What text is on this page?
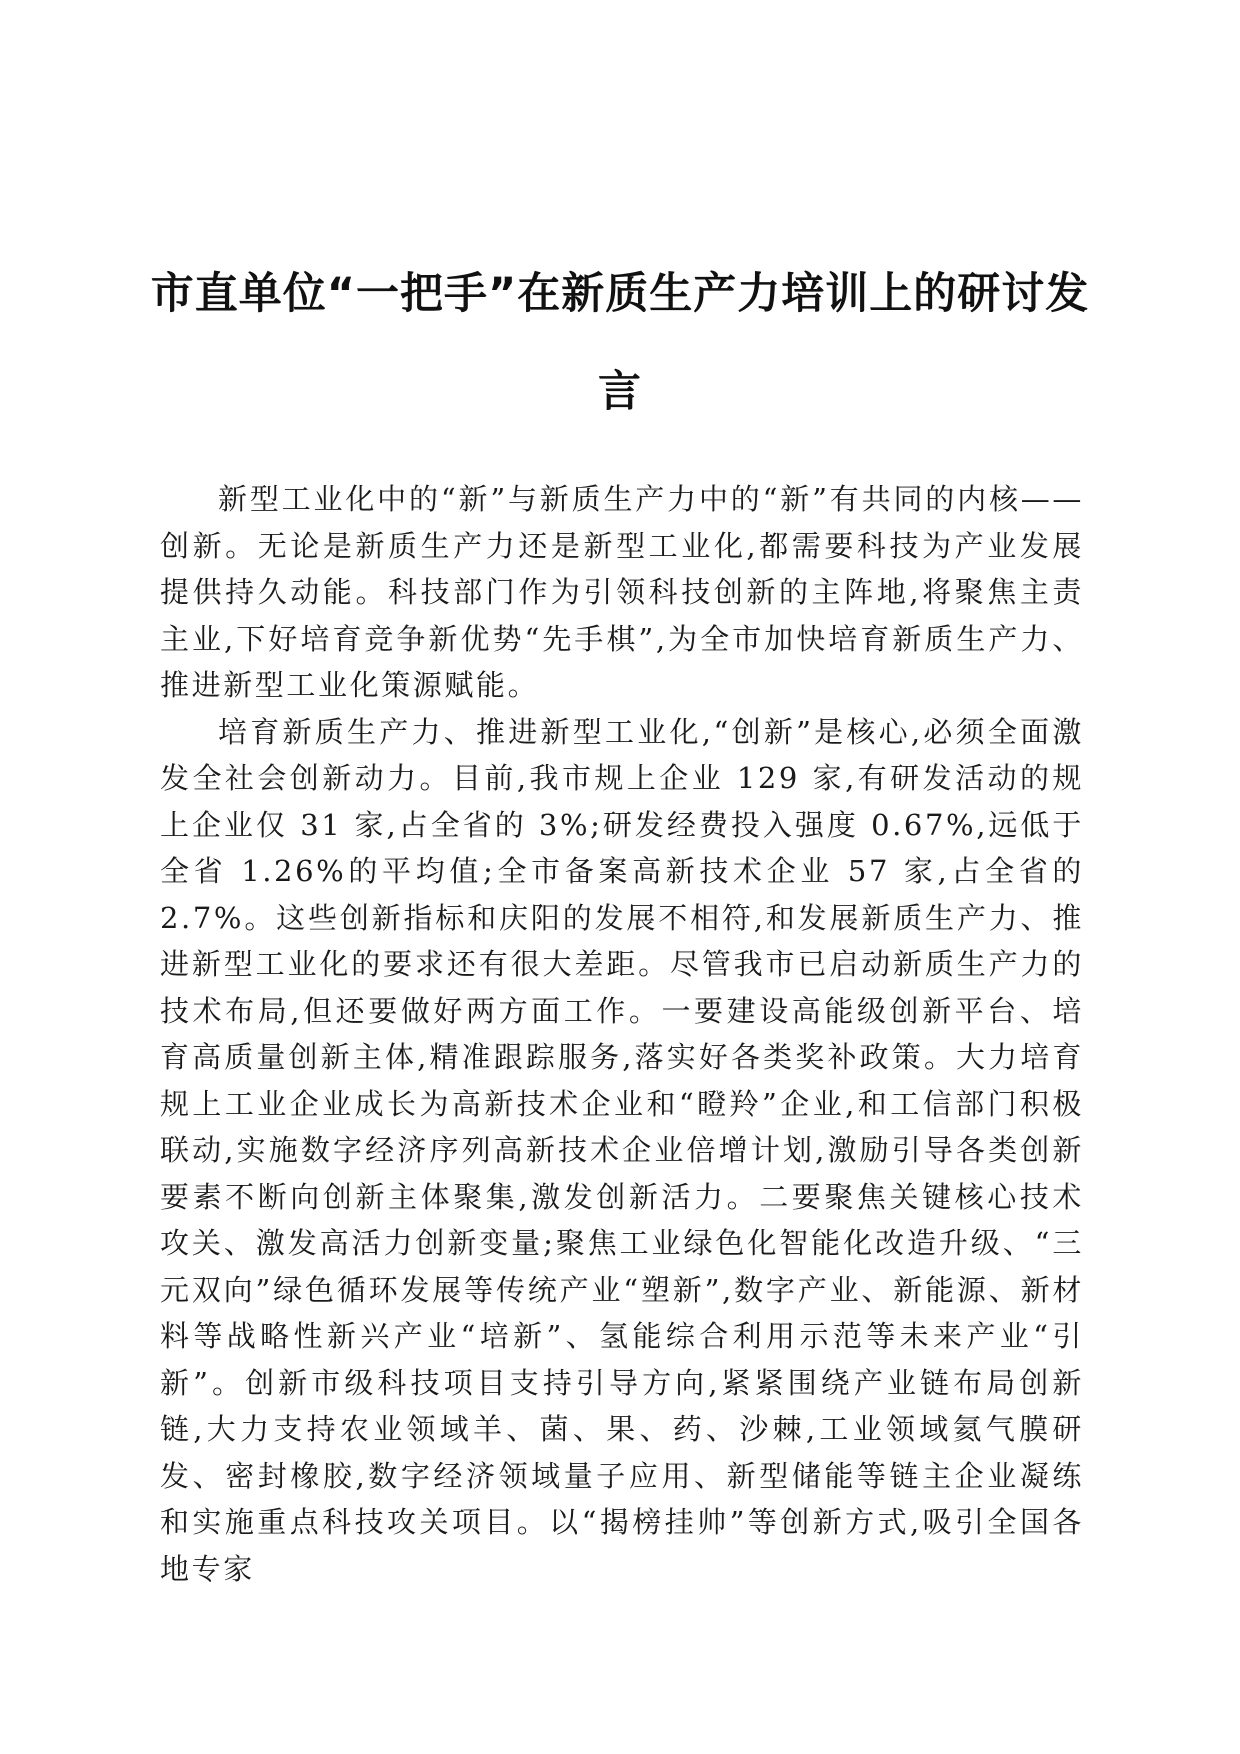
市直单位“一把手”在新质生产力培训上的研讨发言

新型工业化中的“新”与新质生产力中的“新”有共同的内核——创新。无论是新质生产力还是新型工业化,都需要科技为产业发展提供持久动能。科技部门作为引领科技创新的主阵地,将聚焦主责主业,下好培育竞争新优势“先手棋”,为全市加快培育新质生产力、推进新型工业化策源赋能。

培育新质生产力、推进新型工业化,“创新”是核心,必须全面激发全社会创新动力。目前,我市规上企业 129 家,有研发活动的规上企业仅 31 家,占全省的 3%;研发经费投入强度 0.67%,远低于全省 1.26%的平均值;全市备案高新技术企业 57 家,占全省的 2.7%。这些创新指标和庆阳的发展不相符,和发展新质生产力、推进新型工业化的要求还有很大差距。尽管我市已启动新质生产力的技术布局,但还要做好两方面工作。一要建设高能级创新平台、培育高质量创新主体,精准跟踪服务,落实好各类奖补政策。大力培育规上工业企业成长为高新技术企业和“瞪羚”企业,和工信部门积极联动,实施数字经济序列高新技术企业倍增计划,激励引导各类创新要素不断向创新主体聚集,激发创新活力。二要聚焦关键核心技术攻关、激发高活力创新变量;聚焦工业绿色化智能化改造升级、“三元双向”绿色循环发展等传统产业“塑新”,数字产业、新能源、新材料等战略性新兴产业“培新”、氢能综合利用示范等未来产业“引新”。创新市级科技项目支持引导方向,紧紧围绕产业链布局创新链,大力支持农业领域羊、菌、果、药、沙棘,工业领域氦气膜研发、密封橡胶,数字经济领域量子应用、新型储能等链主企业凝练和实施重点科技攻关项目。以“揭榜挂帅”等创新方式,吸引全国各地专家
